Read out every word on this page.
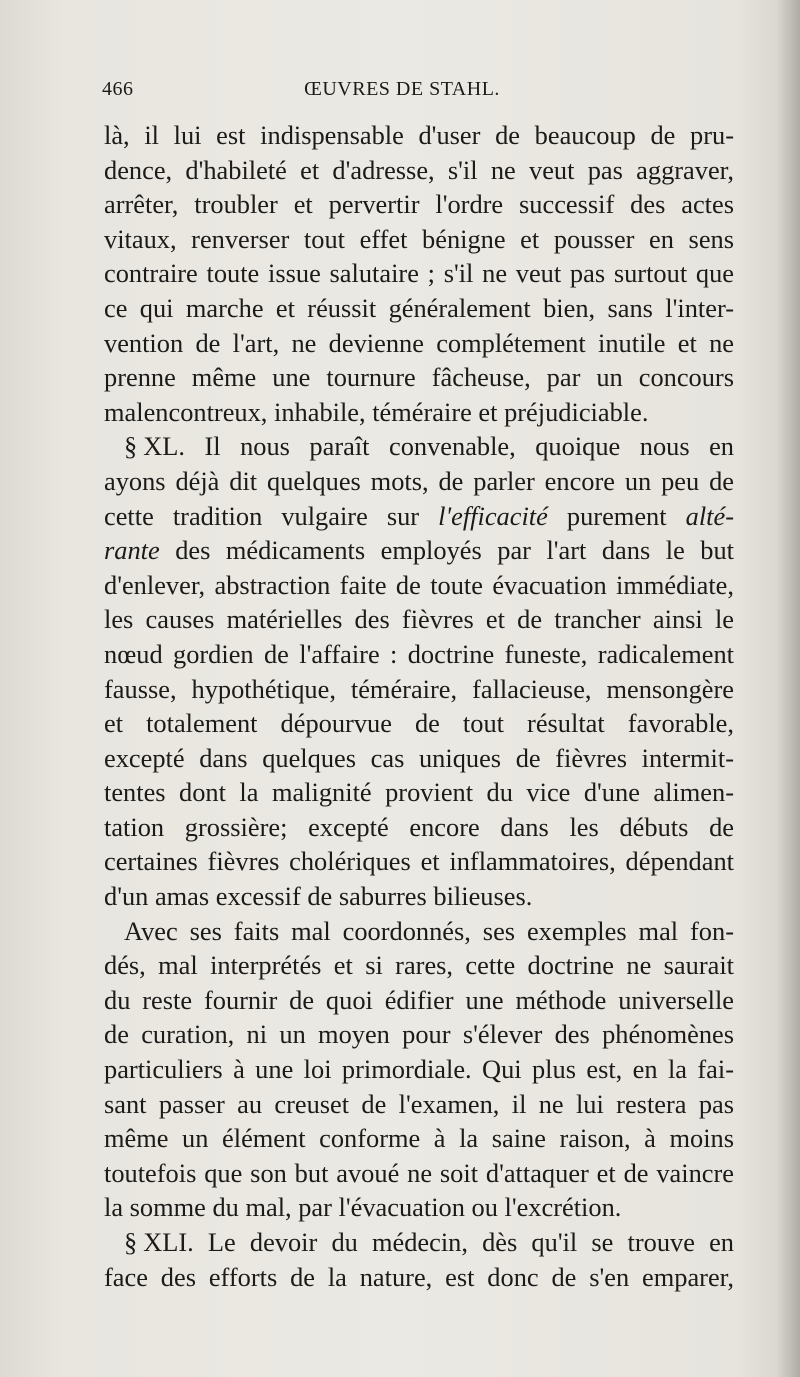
466	ŒUVRES DE STAHL.
là, il lui est indispensable d'user de beaucoup de pru-
dence, d'habileté et d'adresse, s'il ne veut pas aggraver,
arrêter, troubler et pervertir l'ordre successif des actes
vitaux, renverser tout effet bénigne et pousser en sens
contraire toute issue salutaire ; s'il ne veut pas surtout que
ce qui marche et réussit généralement bien, sans l'inter-
vention de l'art, ne devienne complétement inutile et ne
prenne même une tournure fâcheuse, par un concours
malencontreux, inhabile, téméraire et préjudiciable.
§ XL. Il nous paraît convenable, quoique nous en
ayons déjà dit quelques mots, de parler encore un peu de
cette tradition vulgaire sur l'efficacité purement alté-
rante des médicaments employés par l'art dans le but
d'enlever, abstraction faite de toute évacuation immédiate,
les causes matérielles des fièvres et de trancher ainsi le
nœud gordien de l'affaire : doctrine funeste, radicalement
fausse, hypothétique, téméraire, fallacieuse, mensongère
et totalement dépourvue de tout résultat favorable,
excepté dans quelques cas uniques de fièvres intermit-
tentes dont la malignité provient du vice d'une alimen-
tation grossière; excepté encore dans les débuts de
certaines fièvres cholériques et inflammatoires, dépendant
d'un amas excessif de saburres bilieuses.
Avec ses faits mal coordonnés, ses exemples mal fon-
dés, mal interprétés et si rares, cette doctrine ne saurait
du reste fournir de quoi édifier une méthode universelle
de curation, ni un moyen pour s'élever des phénomènes
particuliers à une loi primordiale. Qui plus est, en la fai-
sant passer au creuset de l'examen, il ne lui restera pas
même un élément conforme à la saine raison, à moins
toutefois que son but avoué ne soit d'attaquer et de vaincre
la somme du mal, par l'évacuation ou l'excrétion.
§ XLI. Le devoir du médecin, dès qu'il se trouve en
face des efforts de la nature, est donc de s'en emparer,
